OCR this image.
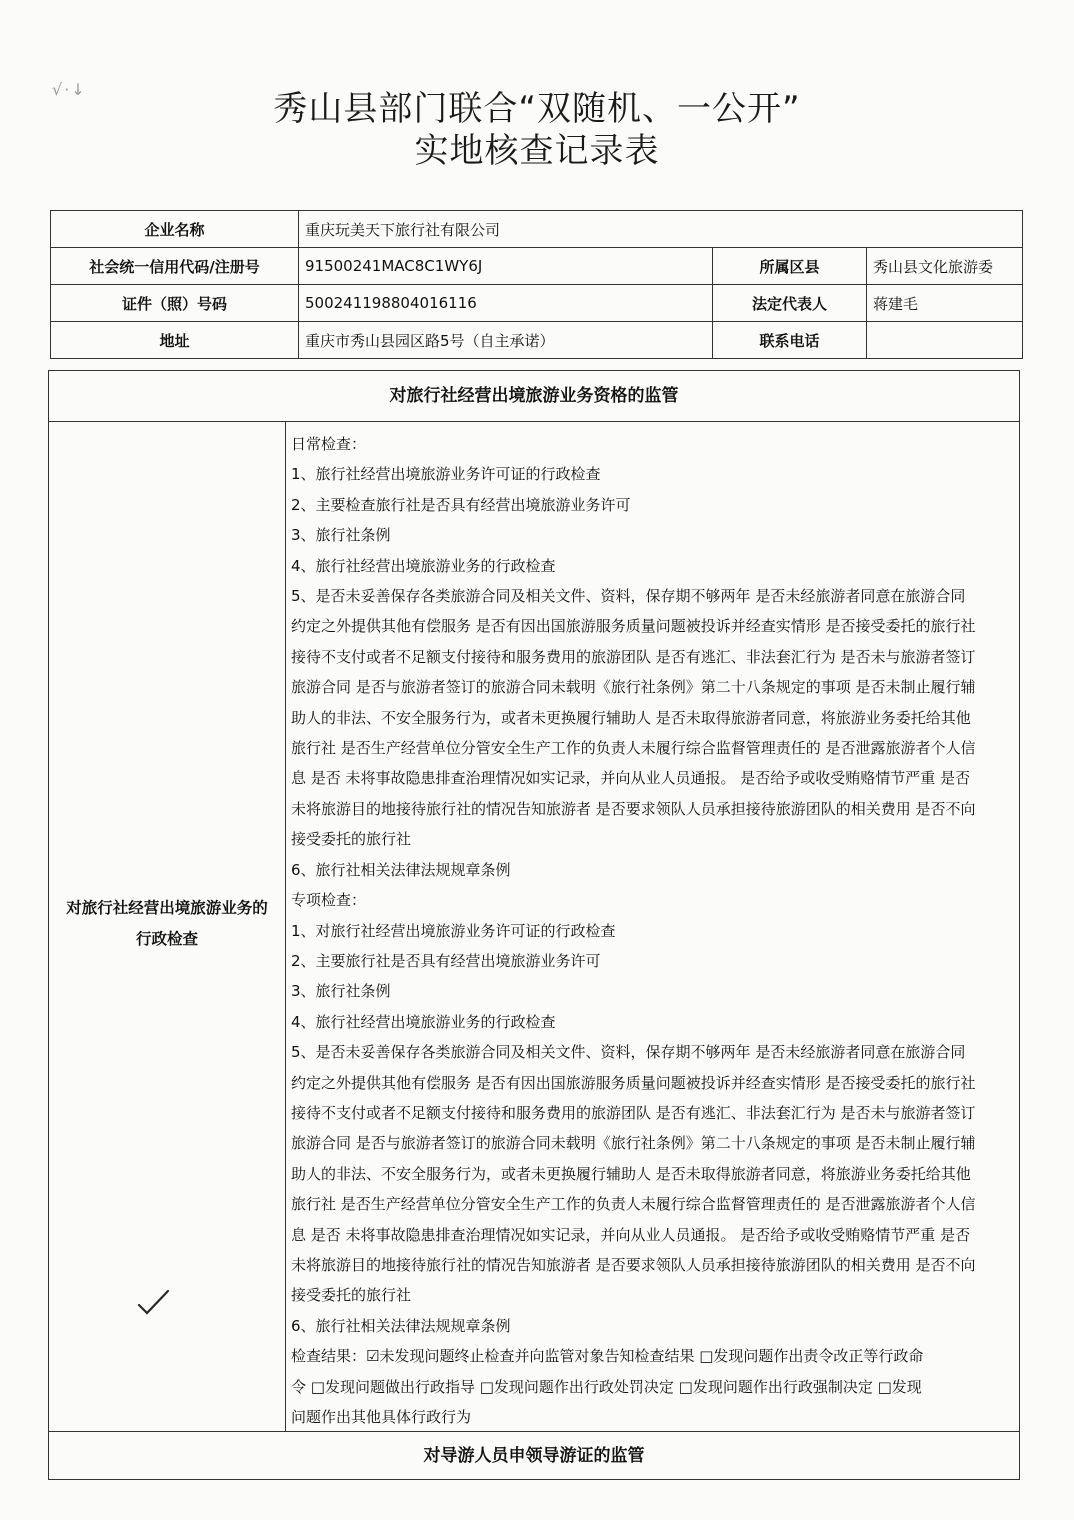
√·↓	秀山县部门联合“双随机、一公开”
实地核查记录表
企业名称	重庆玩美天下旅行社有限公司		
社会统一信用代码/注册号	91500241MAC8C1WY6J	所属区县	秀山县文化旅游委
证件（照）号码	500241198804016116	法定代表人	蒋建毛
地址	重庆市秀山县园区路5号（自主承诺）	联系电话	
对旅行社经营出境旅游业务资格的监管
对旅行社经营出境旅游业务的
行政检查
日常检查：
1、旅行社经营出境旅游业务许可证的行政检查
2、主要检查旅行社是否具有经营出境旅游业务许可
3、旅行社条例
4、旅行社经营出境旅游业务的行政检查
5、是否未妥善保存各类旅游合同及相关文件、资料，保存期不够两年 是否未经旅游者同意在旅游合同
约定之外提供其他有偿服务 是否有因出国旅游服务质量问题被投诉并经查实情形 是否接受委托的旅行社
接待不支付或者不足额支付接待和服务费用的旅游团队 是否有逃汇、非法套汇行为 是否未与旅游者签订
旅游合同 是否与旅游者签订的旅游合同未载明《旅行社条例》第二十八条规定的事项 是否未制止履行辅
助人的非法、不安全服务行为，或者未更换履行辅助人 是否未取得旅游者同意，将旅游业务委托给其他
旅行社 是否生产经营单位分管安全生产工作的负责人未履行综合监督管理责任的 是否泄露旅游者个人信
息 是否 未将事故隐患排查治理情况如实记录，并向从业人员通报。 是否给予或收受贿赂情节严重 是否
未将旅游目的地接待旅行社的情况告知旅游者 是否要求领队人员承担接待旅游团队的相关费用 是否不向
接受委托的旅行社
6、旅行社相关法律法规规章条例
专项检查：
1、对旅行社经营出境旅游业务许可证的行政检查
2、主要旅行社是否具有经营出境旅游业务许可
3、旅行社条例
4、旅行社经营出境旅游业务的行政检查
5、是否未妥善保存各类旅游合同及相关文件、资料，保存期不够两年 是否未经旅游者同意在旅游合同
约定之外提供其他有偿服务 是否有因出国旅游服务质量问题被投诉并经查实情形 是否接受委托的旅行社
接待不支付或者不足额支付接待和服务费用的旅游团队 是否有逃汇、非法套汇行为 是否未与旅游者签订
旅游合同 是否与旅游者签订的旅游合同未载明《旅行社条例》第二十八条规定的事项 是否未制止履行辅
助人的非法、不安全服务行为，或者未更换履行辅助人 是否未取得旅游者同意，将旅游业务委托给其他
旅行社 是否生产经营单位分管安全生产工作的负责人未履行综合监督管理责任的 是否泄露旅游者个人信
息 是否 未将事故隐患排查治理情况如实记录，并向从业人员通报。 是否给予或收受贿赂情节严重 是否
未将旅游目的地接待旅行社的情况告知旅游者 是否要求领队人员承担接待旅游团队的相关费用 是否不向
接受委托的旅行社
6、旅行社相关法律法规规章条例
检查结果：☑未发现问题终止检查并向监管对象告知检查结果 □发现问题作出责令改正等行政命
令 □发现问题做出行政指导 □发现问题作出行政处罚决定 □发现问题作出行政强制决定 □发现
问题作出其他具体行政行为
对导游人员申领导游证的监管
